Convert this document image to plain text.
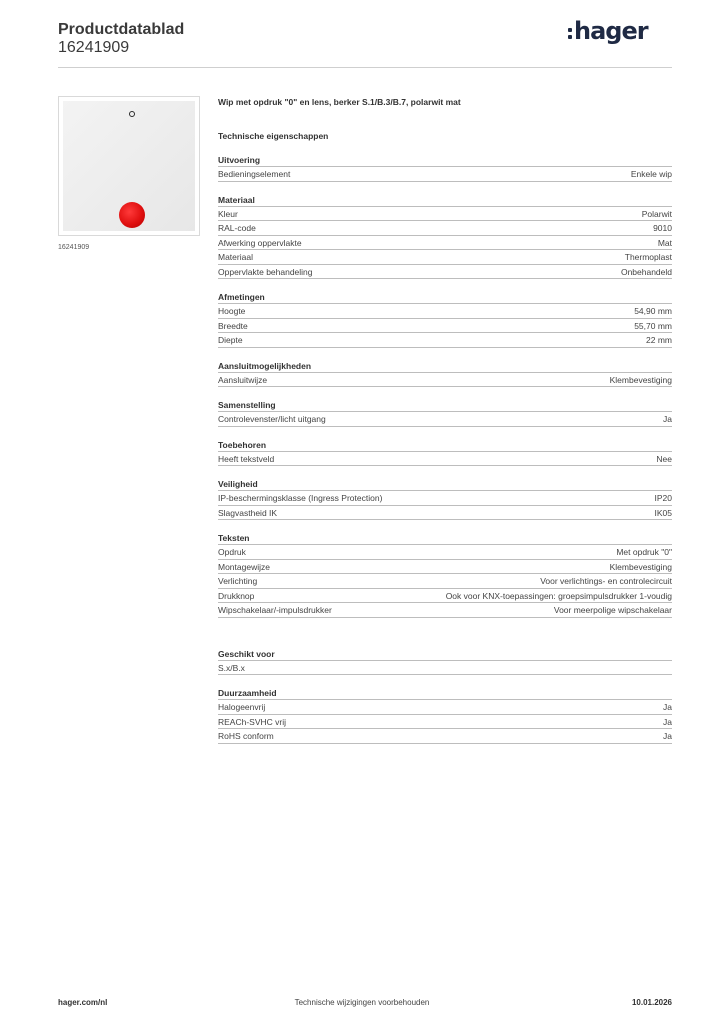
Productdatablad
16241909
hager
16241909
Wip met opdruk "0" en lens, berker S.1/B.3/B.7, polarwit mat
Technische eigenschappen
Uitvoering
Bedieningselement	Enkele wip
Materiaal
Kleur	Polarwit
RAL-code	9010
Afwerking oppervlakte	Mat
Materiaal	Thermoplast
Oppervlakte behandeling	Onbehandeld
Afmetingen
Hoogte	54,90 mm
Breedte	55,70 mm
Diepte	22 mm
Aansluitmogelijkheden
Aansluitwijze	Klembevestiging
Samenstelling
Controlevenster/licht uitgang	Ja
Toebehoren
Heeft tekstveld	Nee
Veiligheid
IP-beschermingsklasse (Ingress Protection)	IP20
Slagvastheid IK	IK05
Teksten
Opdruk	Met opdruk "0"
Montagewijze	Klembevestiging
Verlichting	Voor verlichtings- en controlecircuit
Drukknop	Ook voor KNX-toepassingen: groepsimpulsdrukker 1-voudig
Wipschakelaar/-impulsdrukker	Voor meerpolige wipschakelaar
Geschikt voor
S.x/B.x
Duurzaamheid
Halogeenvrij	Ja
REACh-SVHC vrij	Ja
RoHS conform	Ja
hager.com/nl	Technische wijzigingen voorbehouden	10.01.2026
